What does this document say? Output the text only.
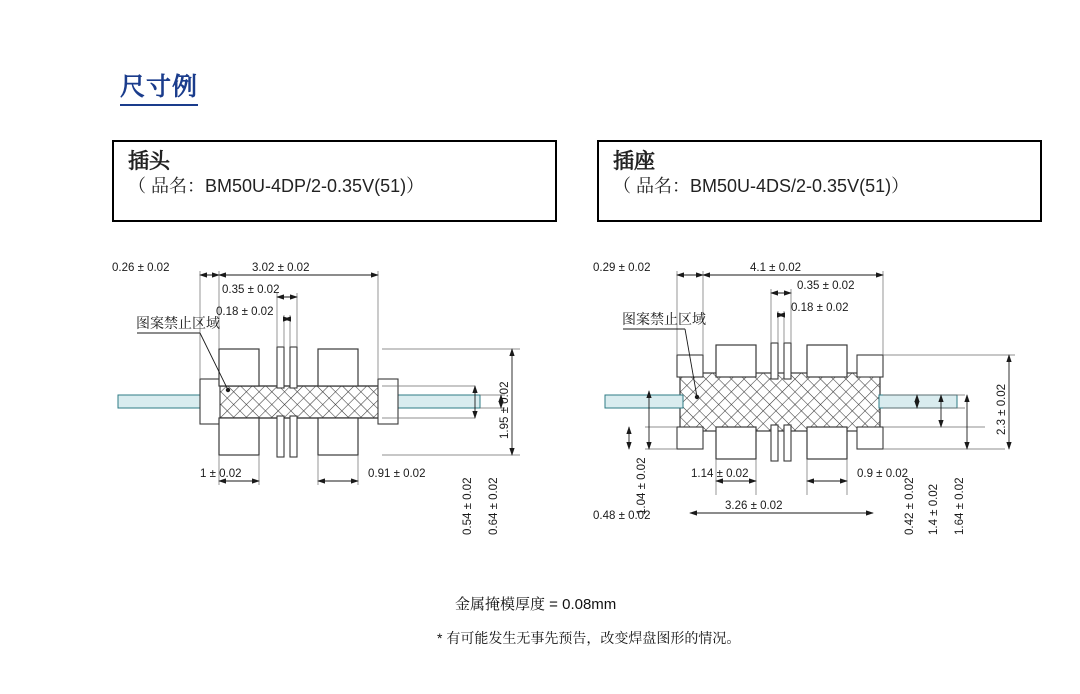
尺寸例
插头
（ 品名：BM50U-4DP/2-0.35V(51)）
插座
（ 品名：BM50U-4DS/2-0.35V(51)）
0.26 ± 0.02	3.02 ± 0.02
0.35 ± 0.02
0.18 ± 0.02
1.95 ± 0.02
1 ± 0.02	0.91 ± 0.02
0.54 ± 0.02 0.64 ± 0.02
图案禁止区域
0.29 ± 0.02	4.1 ± 0.02
0.35 ± 0.02
0.18 ± 0.02
2.3 ± 0.02
1.04 ± 0.02
0.48 ± 0.02
1.14 ± 0.02	0.9 ± 0.02
3.26 ± 0.02	0.42 ± 0.02 1.4 ± 0.02 1.64 ± 0.02
图案禁止区域
金属掩模厚度 = 0.08mm
* 有可能发生无事先预告，改变焊盘图形的情况。
